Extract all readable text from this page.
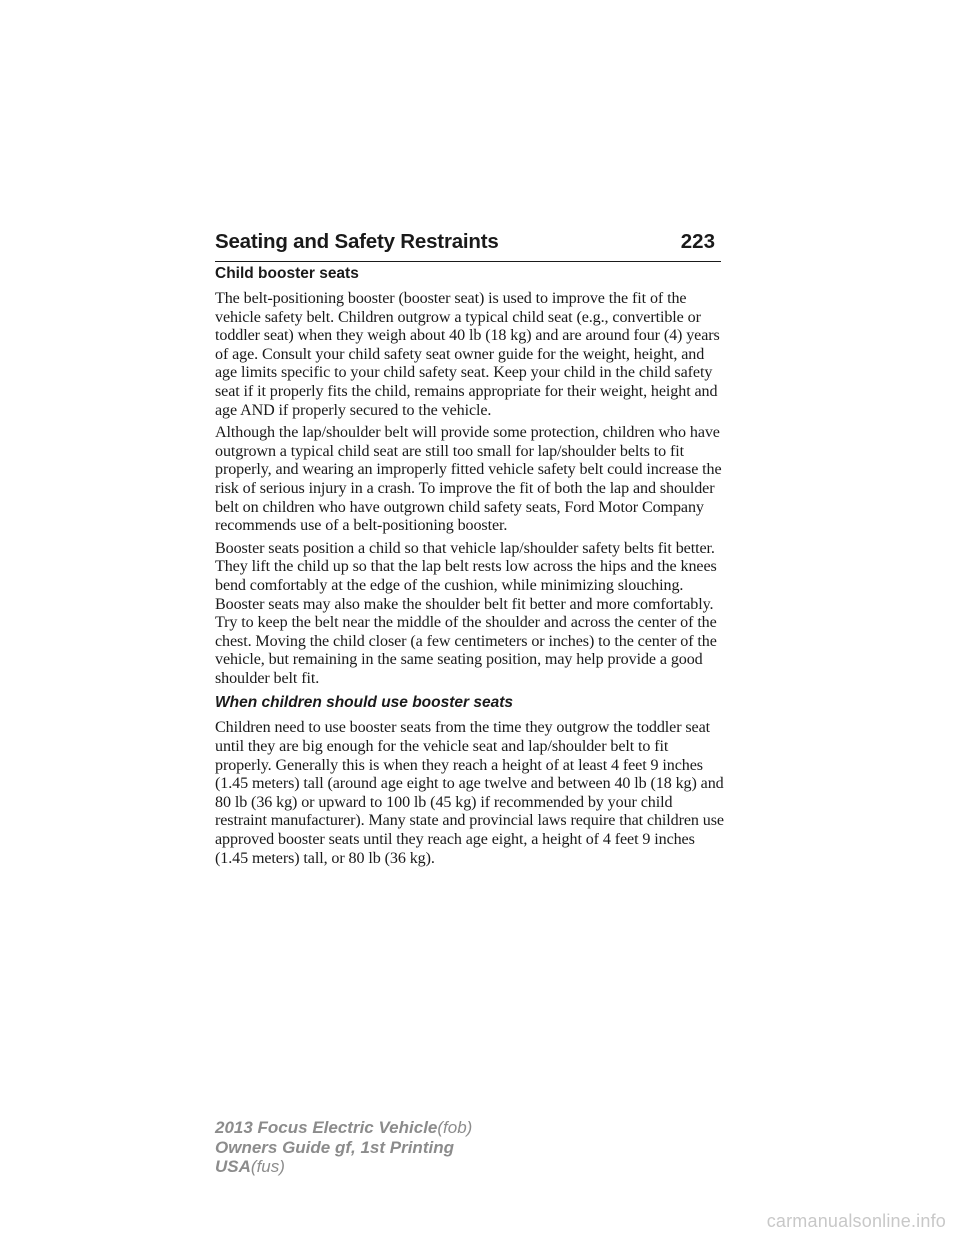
Seating and Safety Restraints	223
Child booster seats

The belt-positioning booster (booster seat) is used to improve the fit of the vehicle safety belt. Children outgrow a typical child seat (e.g., convertible or toddler seat) when they weigh about 40 lb (18 kg) and are around four (4) years of age. Consult your child safety seat owner guide for the weight, height, and age limits specific to your child safety seat. Keep your child in the child safety seat if it properly fits the child, remains appropriate for their weight, height and age AND if properly secured to the vehicle.

Although the lap/shoulder belt will provide some protection, children who have outgrown a typical child seat are still too small for lap/shoulder belts to fit properly, and wearing an improperly fitted vehicle safety belt could increase the risk of serious injury in a crash. To improve the fit of both the lap and shoulder belt on children who have outgrown child safety seats, Ford Motor Company recommends use of a belt-positioning booster.

Booster seats position a child so that vehicle lap/shoulder safety belts fit better. They lift the child up so that the lap belt rests low across the hips and the knees bend comfortably at the edge of the cushion, while minimizing slouching. Booster seats may also make the shoulder belt fit better and more comfortably. Try to keep the belt near the middle of the shoulder and across the center of the chest. Moving the child closer (a few centimeters or inches) to the center of the vehicle, but remaining in the same seating position, may help provide a good shoulder belt fit.

When children should use booster seats

Children need to use booster seats from the time they outgrow the toddler seat until they are big enough for the vehicle seat and lap/shoulder belt to fit properly. Generally this is when they reach a height of at least 4 feet 9 inches (1.45 meters) tall (around age eight to age twelve and between 40 lb (18 kg) and 80 lb (36 kg) or upward to 100 lb (45 kg) if recommended by your child restraint manufacturer). Many state and provincial laws require that children use approved booster seats until they reach age eight, a height of 4 feet 9 inches (1.45 meters) tall, or 80 lb (36 kg).

2013 Focus Electric Vehicle(fob)
Owners Guide gf, 1st Printing
USA(fus)
carmanualsonline.info
